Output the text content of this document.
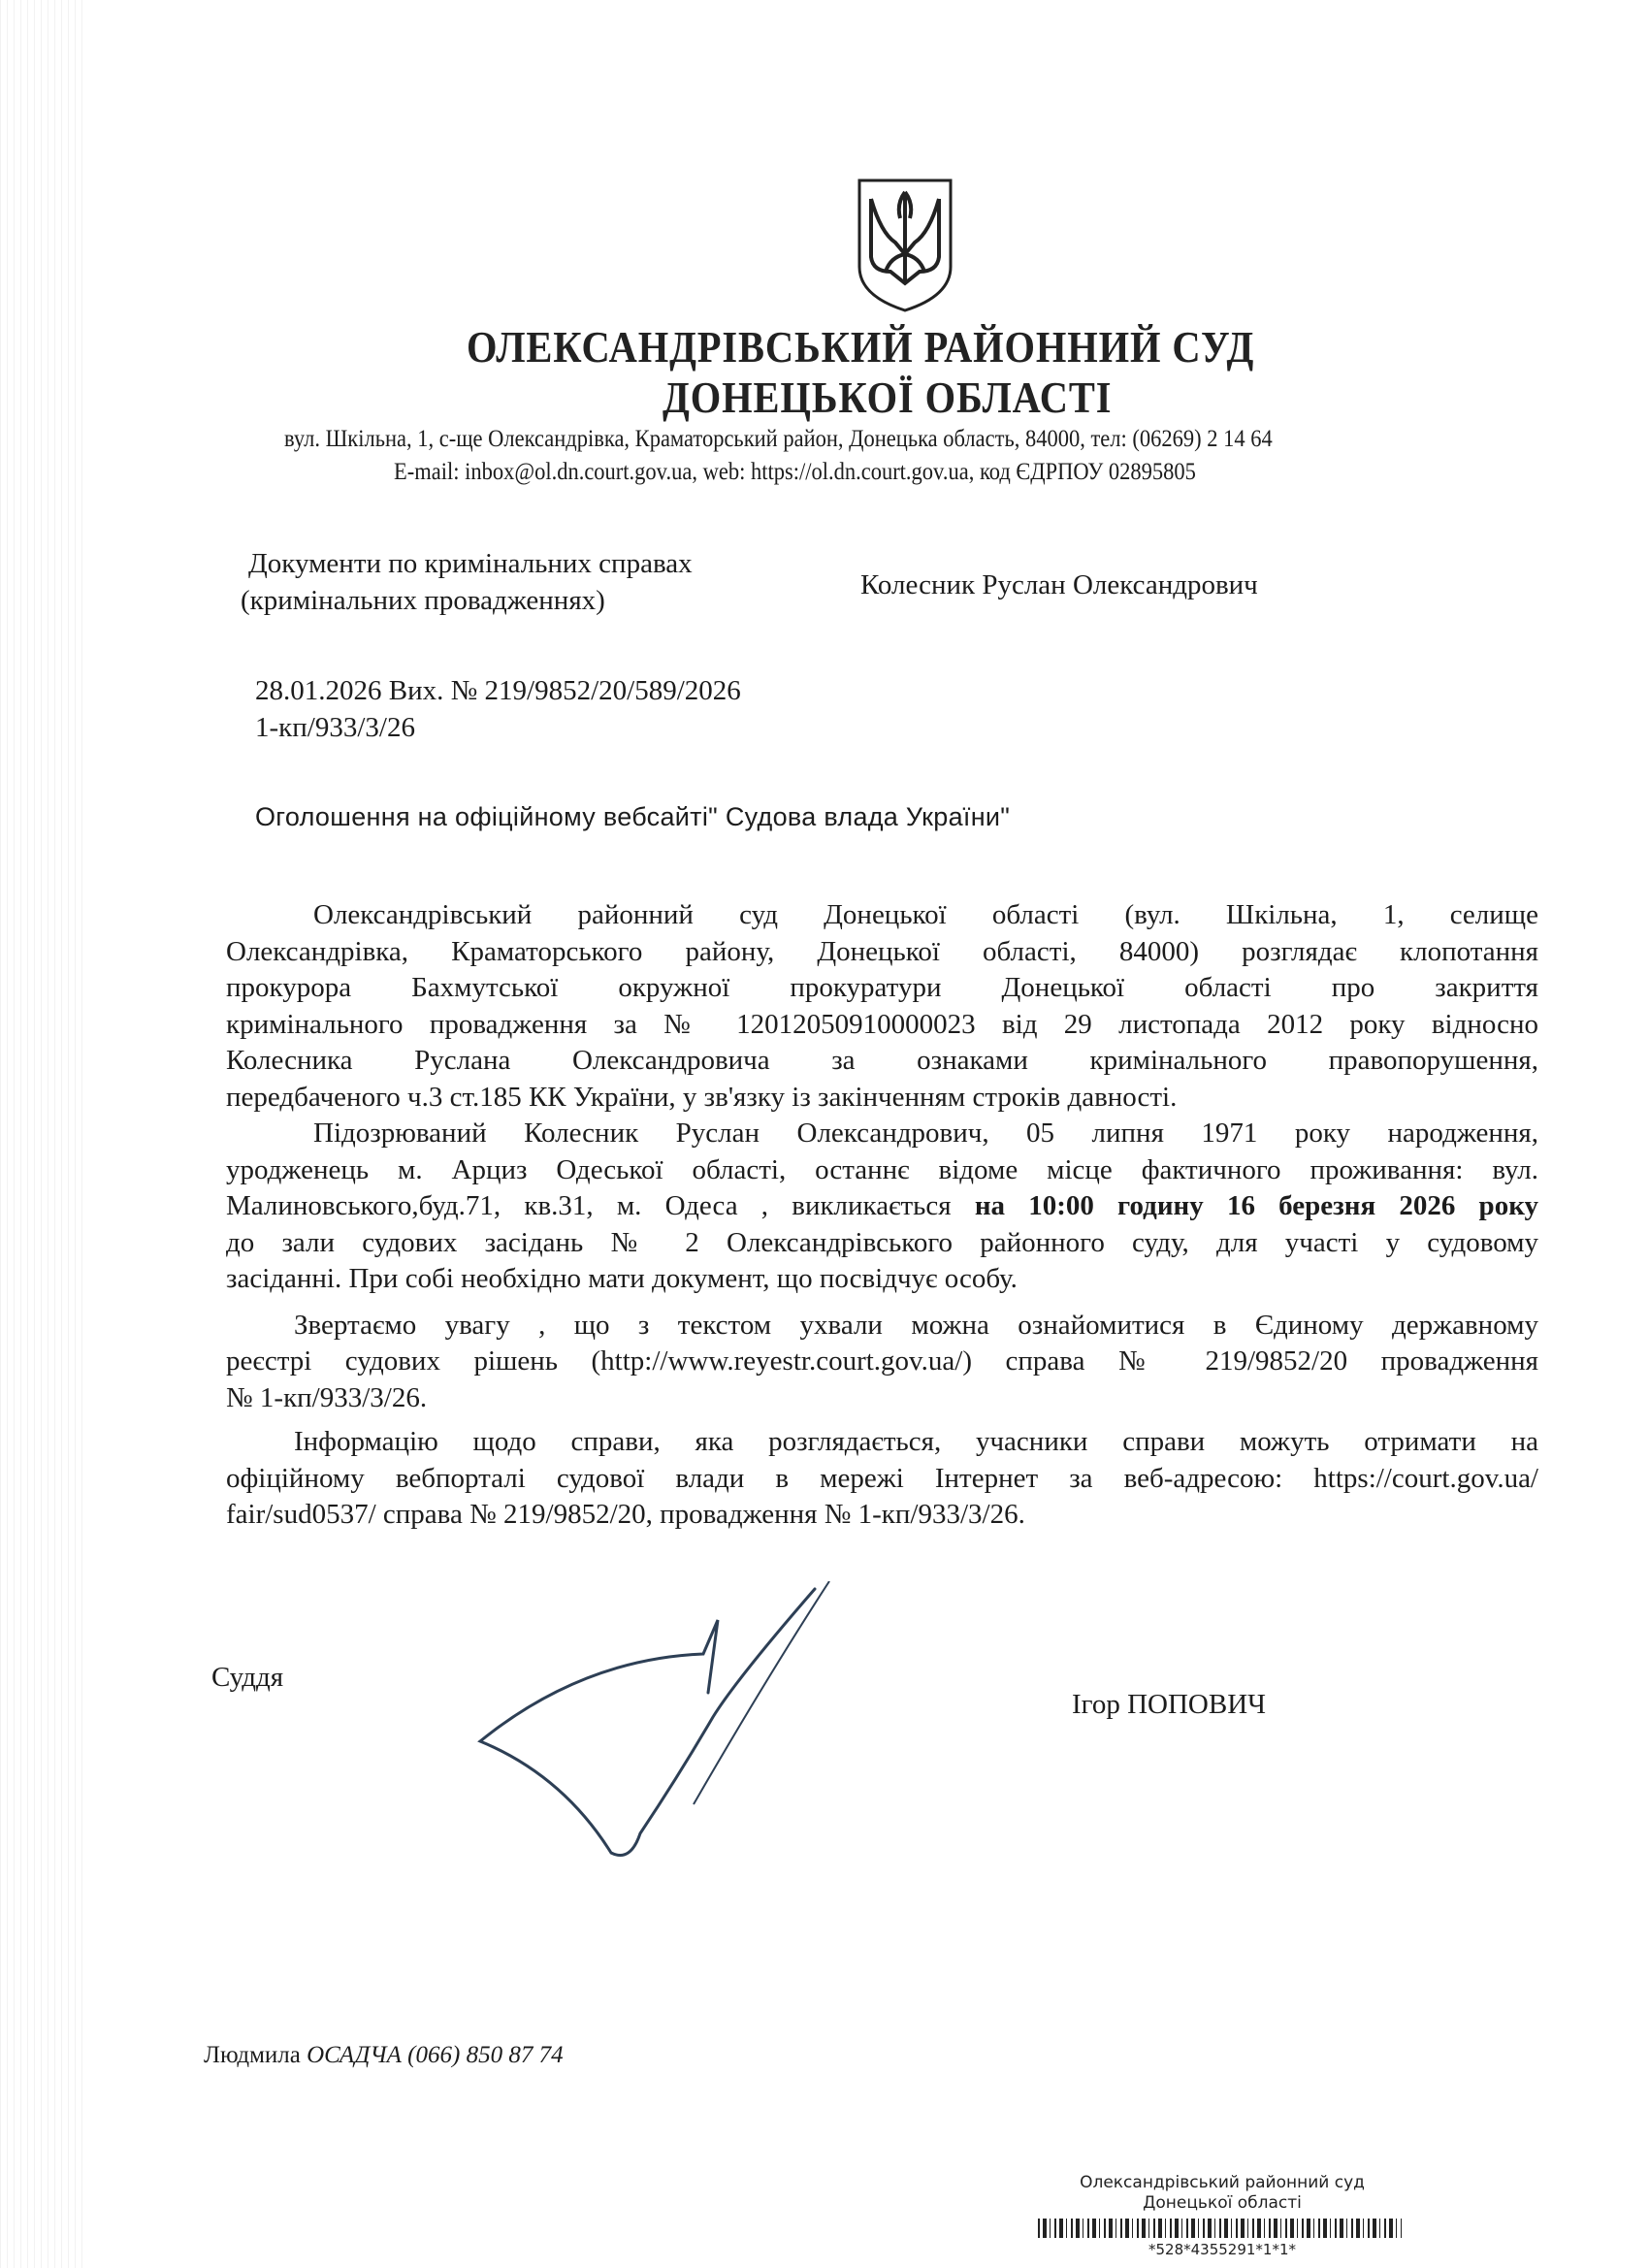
ОЛЕКСАНДРІВСЬКИЙ РАЙОННИЙ СУД
ДОНЕЦЬКОЇ ОБЛАСТІ
вул. Шкільна, 1, с-ще Олександрівка, Краматорський район, Донецька область, 84000, тел: (06269) 2 14 64
E-mail: inbox@ol.dn.court.gov.ua, web: https://ol.dn.court.gov.ua, код ЄДРПОУ 02895805
Документи по кримінальних справах
(кримінальних провадженнях)	Колесник Руслан Олександрович
28.01.2026 Вих. № 219/9852/20/589/2026
1-кп/933/3/26
Оголошення на офіційному вебсайті" Судова влада України"
Олександрівський районний суд Донецької області (вул. Шкільна, 1, селище
Олександрівка, Краматорського району, Донецької області, 84000) розглядає клопотання
прокурора Бахмутської окружної прокуратури Донецької області про закриття
кримінального провадження за № 12012050910000023 від 29 листопада 2012 року відносно
Колесника Руслана Олександровича за ознаками кримінального правопорушення,
передбаченого ч.3 ст.185 КК України, у зв'язку із закінченням строків давності.
Підозрюваний Колесник Руслан Олександрович, 05 липня 1971 року народження,
уродженець м. Арциз Одеської області, останнє відоме місце фактичного проживання: вул.
Малиновського,буд.71, кв.31, м. Одеса , викликається на 10:00 годину 16 березня 2026 року
до зали судових засідань № 2 Олександрівського районного суду, для участі у судовому
засіданні. При собі необхідно мати документ, що посвідчує особу.
Звертаємо увагу , що з текстом ухвали можна ознайомитися в Єдиному державному
реєстрі судових рішень (http://www.reyestr.court.gov.ua/) справа № 219/9852/20 провадження
№ 1-кп/933/3/26.
Інформацію щодо справи, яка розглядається, учасники справи можуть отримати на
офіційному вебпорталі судової влади в мережі Інтернет за веб-адресою: https://court.gov.ua/
fair/sud0537/ справа № 219/9852/20, провадження № 1-кп/933/3/26.
Суддя
Ігор ПОПОВИЧ
Людмила ОСАДЧА (066) 850 87 74
Олександрівський районний суд
Донецької області
*528*4355291*1*1*
